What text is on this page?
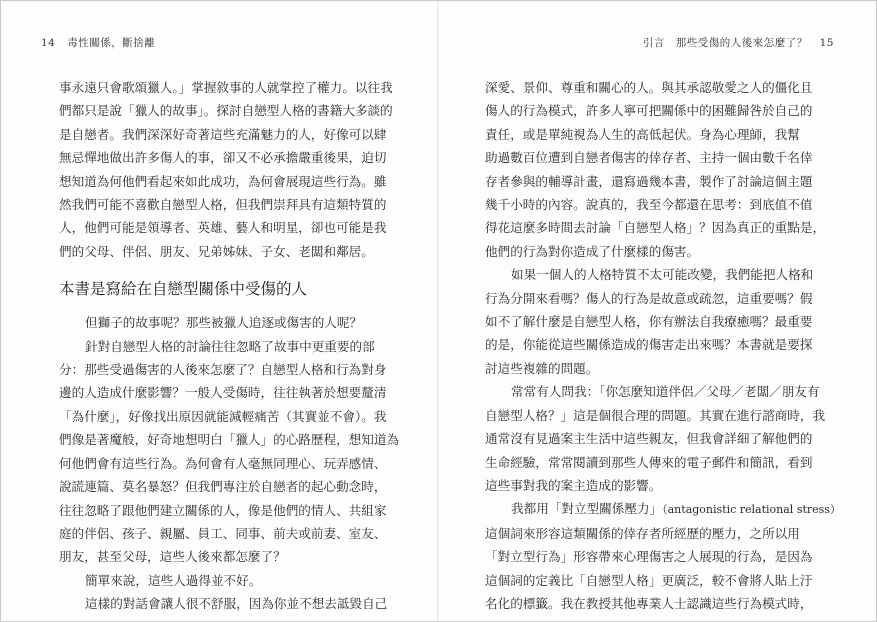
14 毒性關係，斷捨離
事永遠只會歌頌獵人。」掌握敘事的人就掌控了權力。以往我
們都只是說「獵人的故事」。探討自戀型人格的書籍大多談的
是自戀者。我們深深好奇著這些充滿魅力的人，好像可以肆
無忌憚地做出許多傷人的事，卻又不必承擔嚴重後果，迫切
想知道為何他們看起來如此成功，為何會展現這些行為。雖
然我們可能不喜歡自戀型人格，但我們崇拜具有這類特質的
人，他們可能是領導者、英雄、藝人和明星，卻也可能是我
們的父母、伴侶、朋友、兄弟姊妹、子女、老闆和鄰居。
本書是寫給在自戀型關係中受傷的人
但獅子的故事呢？那些被獵人追逐或傷害的人呢？
針對自戀型人格的討論往往忽略了故事中更重要的部
分：那些受過傷害的人後來怎麼了？自戀型人格和行為對身
邊的人造成什麼影響？一般人受傷時，往往執著於想要釐清
「為什麼」，好像找出原因就能減輕痛苦（其實並不會）。我
們像是著魔般，好奇地想明白「獵人」的心路歷程，想知道為
何他們會有這些行為。為何會有人毫無同理心、玩弄感情、
說謊連篇、莫名暴怒？但我們專注於自戀者的起心動念時，
往往忽略了跟他們建立關係的人，像是他們的情人、共組家
庭的伴侶、孩子、親屬、員工、同事、前夫或前妻、室友、
朋友，甚至父母，這些人後來都怎麼了？
簡單來說，這些人過得並不好。
這樣的對話會讓人很不舒服，因為你並不想去詆毀自己
引言　那些受傷的人後來怎麼了？ 15
深愛、景仰、尊重和關心的人。與其承認敬愛之人的僵化且
傷人的行為模式，許多人寧可把關係中的困難歸咎於自己的
責任，或是單純視為人生的高低起伏。身為心理師，我幫
助過數百位遭到自戀者傷害的倖存者、主持一個由數千名倖
存者參與的輔導計畫，還寫過幾本書，製作了討論這個主題
幾千小時的內容。說真的，我至今都還在思考：到底值不值
得花這麼多時間去討論「自戀型人格」？因為真正的重點是，
他們的行為對你造成了什麼樣的傷害。
如果一個人的人格特質不太可能改變，我們能把人格和
行為分開來看嗎？傷人的行為是故意或疏忽，這重要嗎？假
如不了解什麼是自戀型人格，你有辦法自我療癒嗎？最重要
的是，你能從這些關係造成的傷害走出來嗎？本書就是要探
討這些複雜的問題。
常常有人問我：「你怎麼知道伴侶／父母／老闆／朋友有
自戀型人格？」這是個很合理的問題。其實在進行諮商時，我
通常沒有見過案主生活中這些親友，但我會詳細了解他們的
生命經驗，常常閱讀到那些人傳來的電子郵件和簡訊，看到
這些事對我的案主造成的影響。
我都用「對立型關係壓力」（antagonistic relational stress）
這個詞來形容這類關係的倖存者所經歷的壓力，之所以用
「對立型行為」形容帶來心理傷害之人展現的行為，是因為
這個詞的定義比「自戀型人格」更廣泛，較不會將人貼上汙
名化的標籤。我在教授其他專業人士認識這些行為模式時，
